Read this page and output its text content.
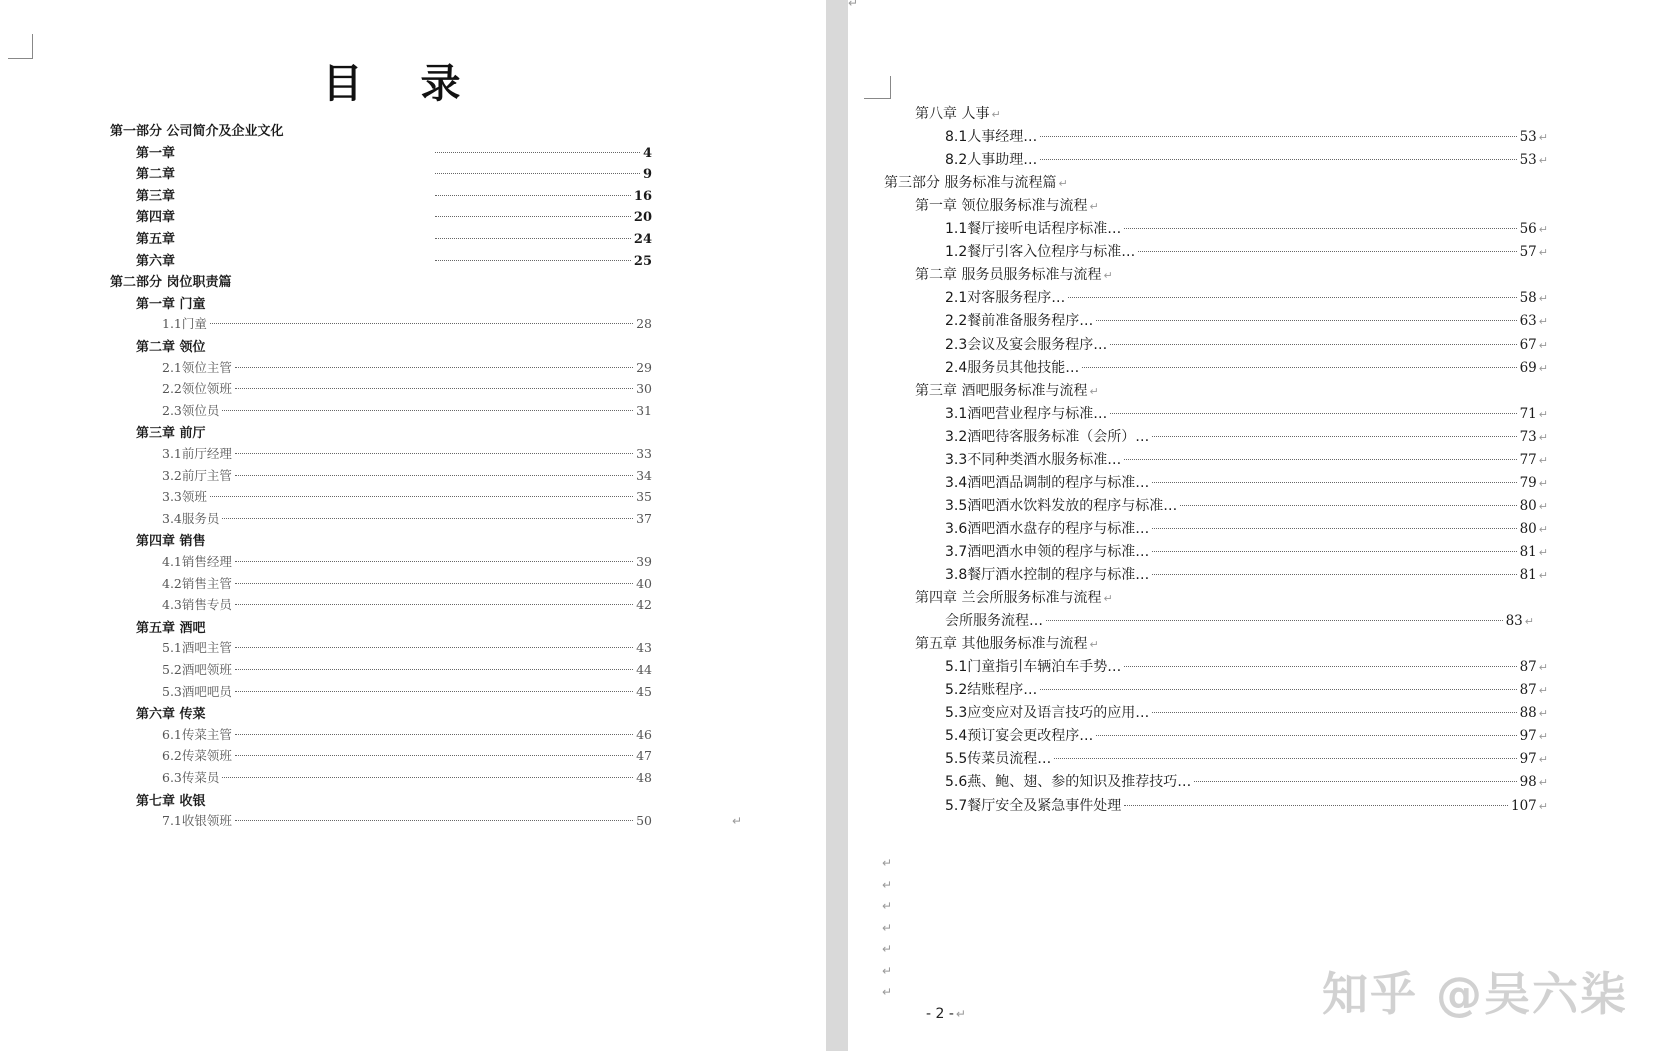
目 录
第一部分 公司简介及企业文化
第一章	4
第二章	9
第三章	16
第四章	20
第五章	24
第六章	25
第二部分 岗位职责篇
第一章 门童
1.1门童	28
第二章 领位
2.1领位主管	29
2.2领位领班	30
2.3领位员	31
第三章 前厅
3.1前厅经理	33
3.2前厅主管	34
3.3领班	35
3.4服务员	37
第四章 销售
4.1销售经理	39
4.2销售主管	40
4.3销售专员	42
第五章 酒吧
5.1酒吧主管	43
5.2酒吧领班	44
5.3酒吧吧员	45
第六章 传菜
6.1传菜主管	46
6.2传菜领班	47
6.3传菜员	48
第七章 收银
7.1收银领班	50	↵
↵
第八章 人事 ↵
8.1人事经理…	53 ↵
8.2人事助理…	53 ↵
第三部分 服务标准与流程篇 ↵
第一章 领位服务标准与流程 ↵
1.1餐厅接听电话程序标准…	56 ↵
1.2餐厅引客入位程序与标准…	57 ↵
第二章 服务员服务标准与流程 ↵
2.1对客服务程序…	58 ↵
2.2餐前准备服务程序…	63 ↵
2.3会议及宴会服务程序…	67 ↵
2.4服务员其他技能…	69 ↵
第三章 酒吧服务标准与流程 ↵
3.1酒吧营业程序与标准…	71 ↵
3.2酒吧待客服务标准（会所）…	73 ↵
3.3不同种类酒水服务标准…	77 ↵
3.4酒吧酒品调制的程序与标准…	79 ↵
3.5酒吧酒水饮料发放的程序与标准…	80 ↵
3.6酒吧酒水盘存的程序与标准…	80 ↵
3.7酒吧酒水申领的程序与标准…	81 ↵
3.8餐厅酒水控制的程序与标准…	81 ↵
第四章 兰会所服务标准与流程 ↵
会所服务流程…	83 ↵
第五章 其他服务标准与流程 ↵
5.1门童指引车辆泊车手势…	87 ↵
5.2结账程序…	87 ↵
5.3应变应对及语言技巧的应用…	88 ↵
5.4预订宴会更改程序…	97 ↵
5.5传菜员流程…	97 ↵
5.6燕、鲍、翅、参的知识及推荐技巧…	98 ↵
5.7餐厅安全及紧急事件处理	107 ↵
↵
↵
↵
↵
↵
↵
↵
- 2 - ↵	知乎 @吴六柒
